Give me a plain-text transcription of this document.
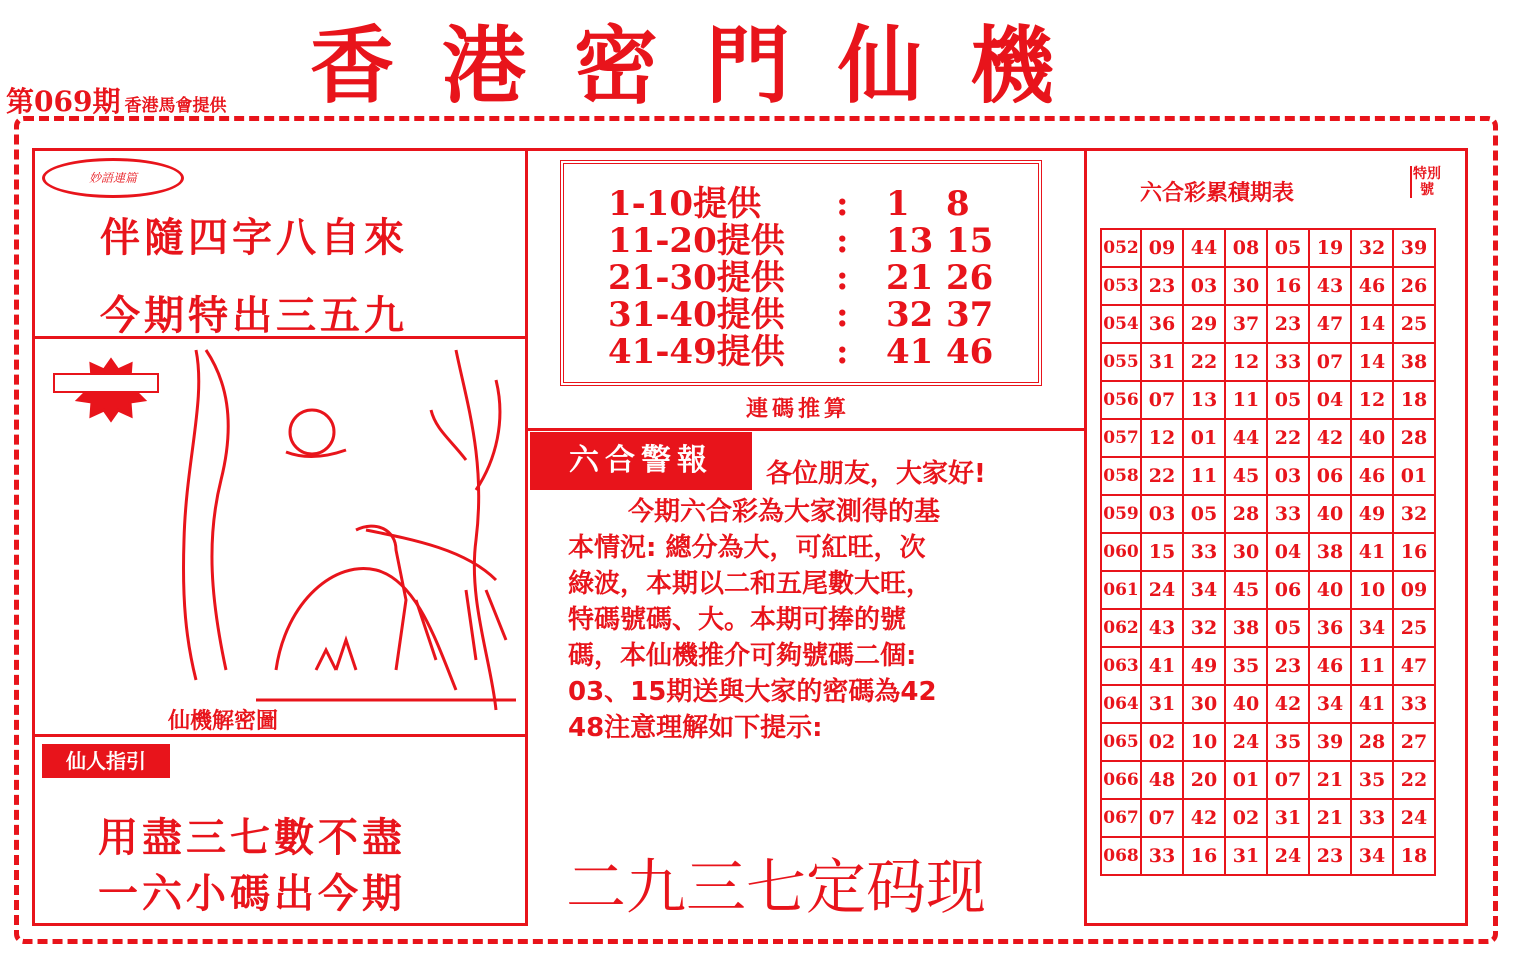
第069期 香港馬會提供 香港密門仙機
妙語連篇
伴隨四字八自來
今期特出三五九
仙機解密圖
仙人指引
用盡三七數不盡
一六小碼出今期
1-10提供 : 1 8
11-20提供 : 13 15
21-30提供 : 21 26
31-40提供 : 32 37
41-49提供 : 41 46
連碼推算
六合警報	各位朋友，大家好!
今期六合彩為大家測得的基
本情況: 總分為大，可紅旺，次
綠波，本期以二和五尾數大旺，
特碼號碼、大。本期可捧的號
碼，本仙機推介可夠號碼二個:
03、15期送與大家的密碼為42
48注意理解如下提示:
二九三七定码现
六合彩累積期表
特別號
052	09	44	08	05	19	32	39
053	23	03	30	16	43	46	26
054	36	29	37	23	47	14	25
055	31	22	12	33	07	14	38
056	07	13	11	05	04	12	18
057	12	01	44	22	42	40	28
058	22	11	45	03	06	46	01
059	03	05	28	33	40	49	32
060	15	33	30	04	38	41	16
061	24	34	45	06	40	10	09
062	43	32	38	05	36	34	25
063	41	49	35	23	46	11	47
064	31	30	40	42	34	41	33
065	02	10	24	35	39	28	27
066	48	20	01	07	21	35	22
067	07	42	02	31	21	33	24
068	33	16	31	24	23	34	18
